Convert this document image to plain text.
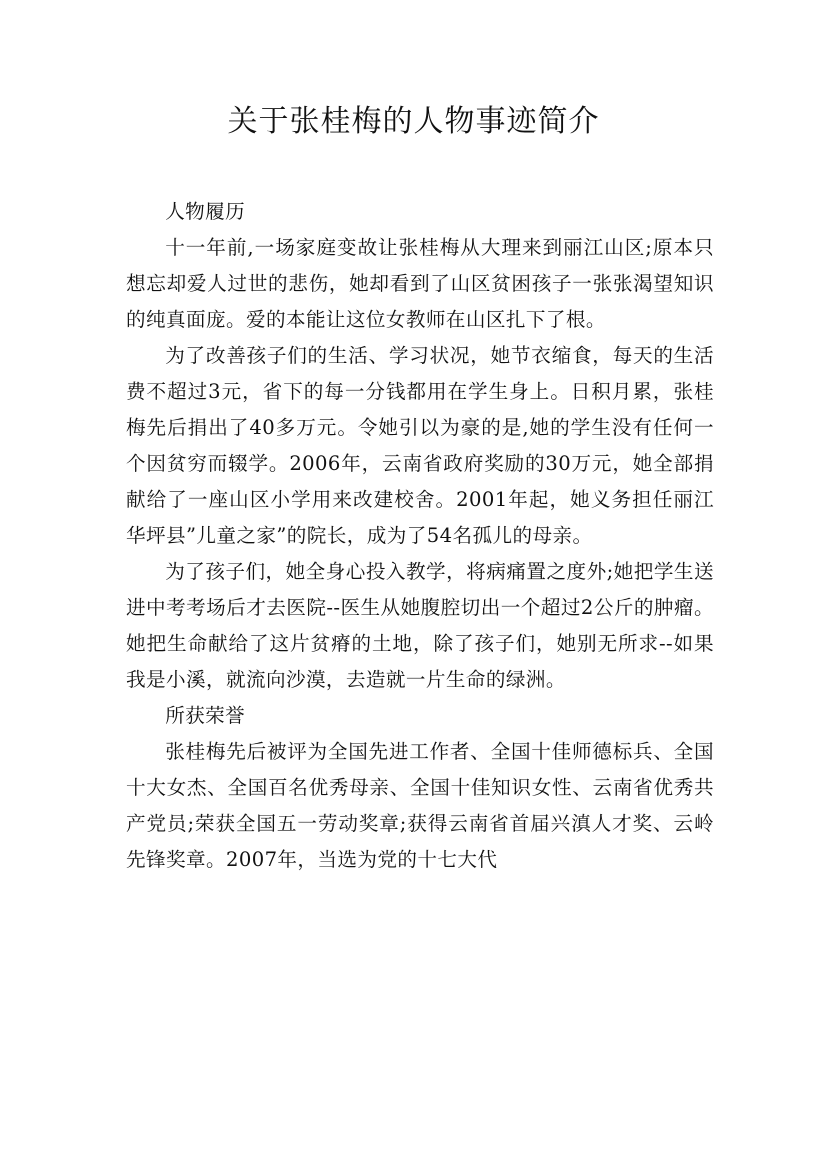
关于张桂梅的人物事迹简介

人物履历

十一年前,一场家庭变故让张桂梅从大理来到丽江山区;原本只想忘却爱人过世的悲伤，她却看到了山区贫困孩子一张张渴望知识的纯真面庞。爱的本能让这位女教师在山区扎下了根。

为了改善孩子们的生活、学习状况，她节衣缩食，每天的生活费不超过3元，省下的每一分钱都用在学生身上。日积月累，张桂梅先后捐出了40多万元。令她引以为豪的是,她的学生没有任何一个因贫穷而辍学。2006年，云南省政府奖励的30万元，她全部捐献给了一座山区小学用来改建校舍。2001年起，她义务担任丽江华坪县”儿童之家”的院长，成为了54名孤儿的母亲。

为了孩子们，她全身心投入教学，将病痛置之度外;她把学生送进中考考场后才去医院--医生从她腹腔切出一个超过2公斤的肿瘤。她把生命献给了这片贫瘠的土地，除了孩子们，她别无所求--如果我是小溪，就流向沙漠，去造就一片生命的绿洲。

所获荣誉

张桂梅先后被评为全国先进工作者、全国十佳师德标兵、全国十大女杰、全国百名优秀母亲、全国十佳知识女性、云南省优秀共产党员;荣获全国五一劳动奖章;获得云南省首届兴滇人才奖、云岭先锋奖章。2007年，当选为党的十七大代
